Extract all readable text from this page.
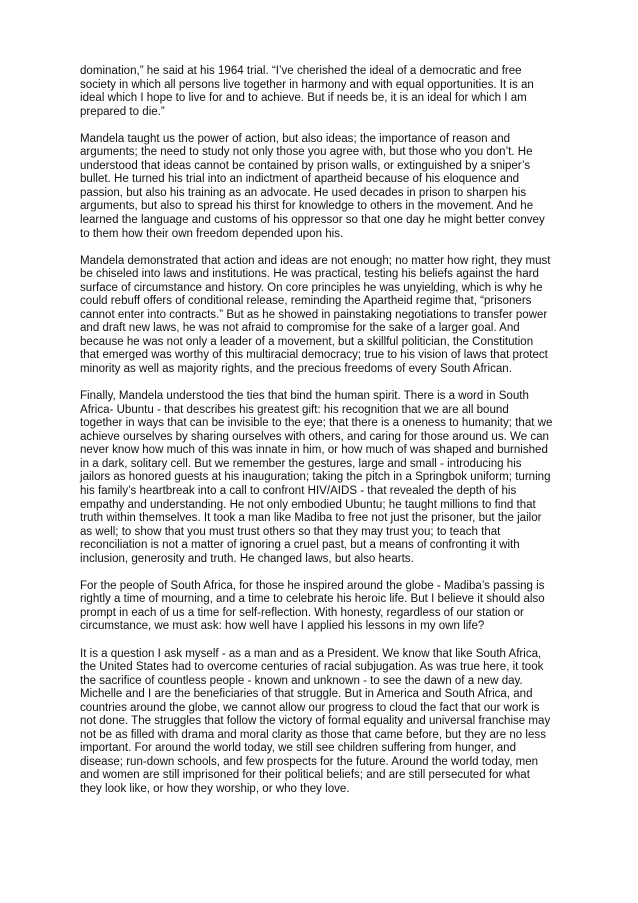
domination,” he said at his 1964 trial. “I’ve cherished the ideal of a democratic and free
society in which all persons live together in harmony and with equal opportunities. It is an
ideal which I hope to live for and to achieve. But if needs be, it is an ideal for which I am
prepared to die.”

Mandela taught us the power of action, but also ideas; the importance of reason and
arguments; the need to study not only those you agree with, but those who you don’t. He
understood that ideas cannot be contained by prison walls, or extinguished by a sniper’s
bullet. He turned his trial into an indictment of apartheid because of his eloquence and
passion, but also his training as an advocate. He used decades in prison to sharpen his
arguments, but also to spread his thirst for knowledge to others in the movement. And he
learned the language and customs of his oppressor so that one day he might better convey
to them how their own freedom depended upon his.

Mandela demonstrated that action and ideas are not enough; no matter how right, they must
be chiseled into laws and institutions. He was practical, testing his beliefs against the hard
surface of circumstance and history. On core principles he was unyielding, which is why he
could rebuff offers of conditional release, reminding the Apartheid regime that, “prisoners
cannot enter into contracts.” But as he showed in painstaking negotiations to transfer power
and draft new laws, he was not afraid to compromise for the sake of a larger goal. And
because he was not only a leader of a movement, but a skillful politician, the Constitution
that emerged was worthy of this multiracial democracy; true to his vision of laws that protect
minority as well as majority rights, and the precious freedoms of every South African.

Finally, Mandela understood the ties that bind the human spirit. There is a word in South
Africa- Ubuntu - that describes his greatest gift: his recognition that we are all bound
together in ways that can be invisible to the eye; that there is a oneness to humanity; that we
achieve ourselves by sharing ourselves with others, and caring for those around us. We can
never know how much of this was innate in him, or how much of was shaped and burnished
in a dark, solitary cell. But we remember the gestures, large and small - introducing his
jailors as honored guests at his inauguration; taking the pitch in a Springbok uniform; turning
his family’s heartbreak into a call to confront HIV/AIDS - that revealed the depth of his
empathy and understanding. He not only embodied Ubuntu; he taught millions to find that
truth within themselves. It took a man like Madiba to free not just the prisoner, but the jailor
as well; to show that you must trust others so that they may trust you; to teach that
reconciliation is not a matter of ignoring a cruel past, but a means of confronting it with
inclusion, generosity and truth. He changed laws, but also hearts.

For the people of South Africa, for those he inspired around the globe - Madiba’s passing is
rightly a time of mourning, and a time to celebrate his heroic life. But I believe it should also
prompt in each of us a time for self-reflection. With honesty, regardless of our station or
circumstance, we must ask: how well have I applied his lessons in my own life?

It is a question I ask myself - as a man and as a President. We know that like South Africa,
the United States had to overcome centuries of racial subjugation. As was true here, it took
the sacrifice of countless people - known and unknown - to see the dawn of a new day.
Michelle and I are the beneficiaries of that struggle. But in America and South Africa, and
countries around the globe, we cannot allow our progress to cloud the fact that our work is
not done. The struggles that follow the victory of formal equality and universal franchise may
not be as filled with drama and moral clarity as those that came before, but they are no less
important. For around the world today, we still see children suffering from hunger, and
disease; run-down schools, and few prospects for the future. Around the world today, men
and women are still imprisoned for their political beliefs; and are still persecuted for what
they look like, or how they worship, or who they love.
